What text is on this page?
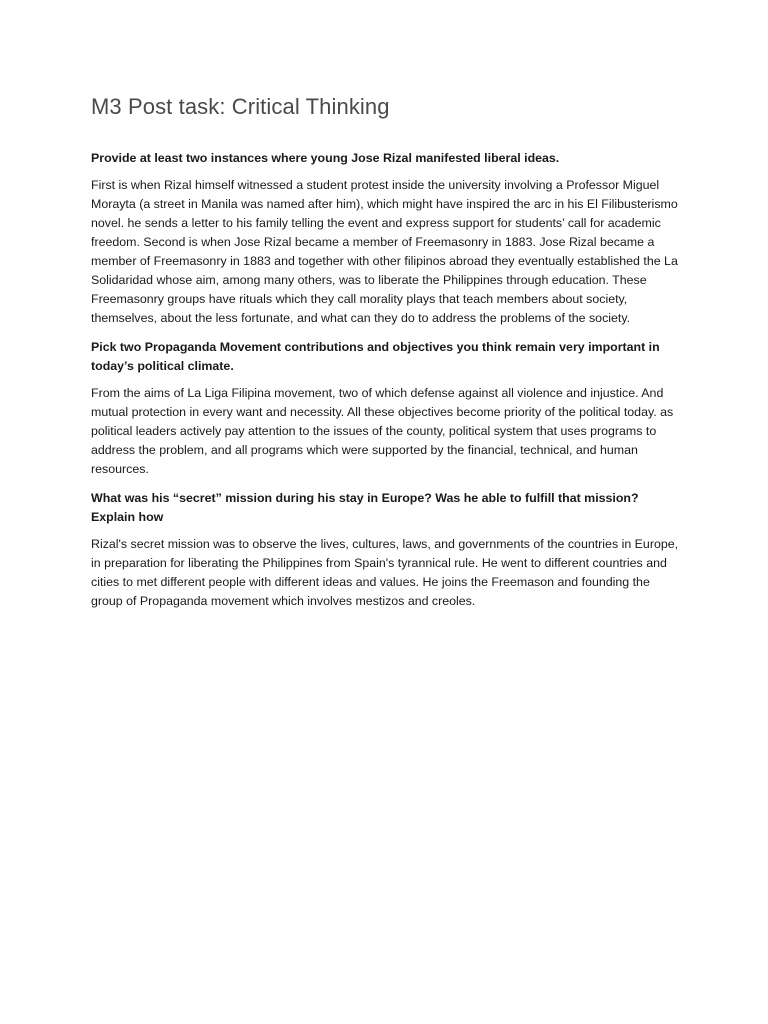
M3 Post task: Critical Thinking

Provide at least two instances where young Jose Rizal manifested liberal ideas.

First is when Rizal himself witnessed a student protest inside the university involving a Professor Miguel Morayta (a street in Manila was named after him), which might have inspired the arc in his El Filibusterismo novel. he sends a letter to his family telling the event and express support for students’ call for academic freedom. Second is when Jose Rizal became a member of Freemasonry in 1883. Jose Rizal became a member of Freemasonry in 1883 and together with other filipinos abroad they eventually established the La Solidaridad whose aim, among many others, was to liberate the Philippines through education. These Freemasonry groups have rituals which they call morality plays that teach members about society, themselves, about the less fortunate, and what can they do to address the problems of the society.

Pick two Propaganda Movement contributions and objectives you think remain very important in today’s political climate.

From the aims of La Liga Filipina movement, two of which defense against all violence and injustice. And mutual protection in every want and necessity. All these objectives become priority of the political today. as political leaders actively pay attention to the issues of the county, political system that uses programs to address the problem, and all programs which were supported by the financial, technical, and human resources.

What was his “secret” mission during his stay in Europe? Was he able to fulfill that mission? Explain how

Rizal's secret mission was to observe the lives, cultures, laws, and governments of the countries in Europe, in preparation for liberating the Philippines from Spain's tyrannical rule. He went to different countries and cities to met different people with different ideas and values. He joins the Freemason and founding the group of Propaganda movement which involves mestizos and creoles.
